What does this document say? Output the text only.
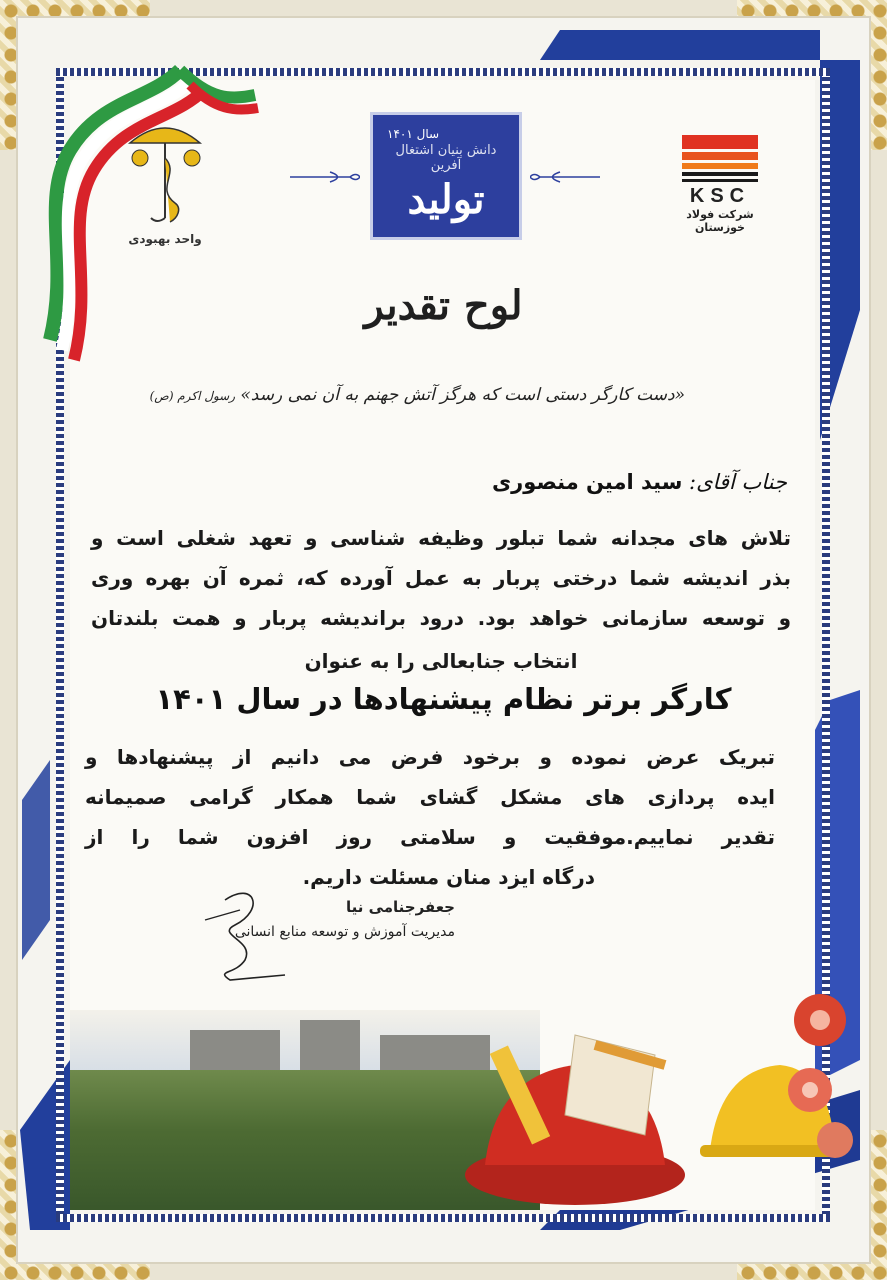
واحد بهبودی
سال ۱۴۰۱
دانش بنیان اشتغال آفرین
تولید	KSC
شرکت فولاد خوزستان
لوح تقدیر
«دست کارگر دستی است که هرگز آتش جهنم به آن نمی رسد» رسول اکرم (ص)
جناب آقای: سید امین منصوری
تلاش های مجدانه شما تبلور وظیفه شناسی و تعهد شغلی است و
بذر اندیشه شما درختی پربار به عمل آورده که، ثمره آن بهره وری
و توسعه سازمانی خواهد بود. درود براندیشه پربار و همت بلندتان
انتخاب جنابعالی را به عنوان
کارگر برتر نظام پیشنهادها در سال ۱۴۰۱
تبریک عرض نموده و برخود فرض می دانیم از پیشنهادها و
ایده پردازی های مشکل گشای شما همکار گرامی صمیمانه
تقدیر نماییم.موفقیت و سلامتی روز افزون شما را از
درگاه ایزد منان مسئلت داریم.
جعفرجنامی نیا
مدیریت آموزش و توسعه منابع انسانی
